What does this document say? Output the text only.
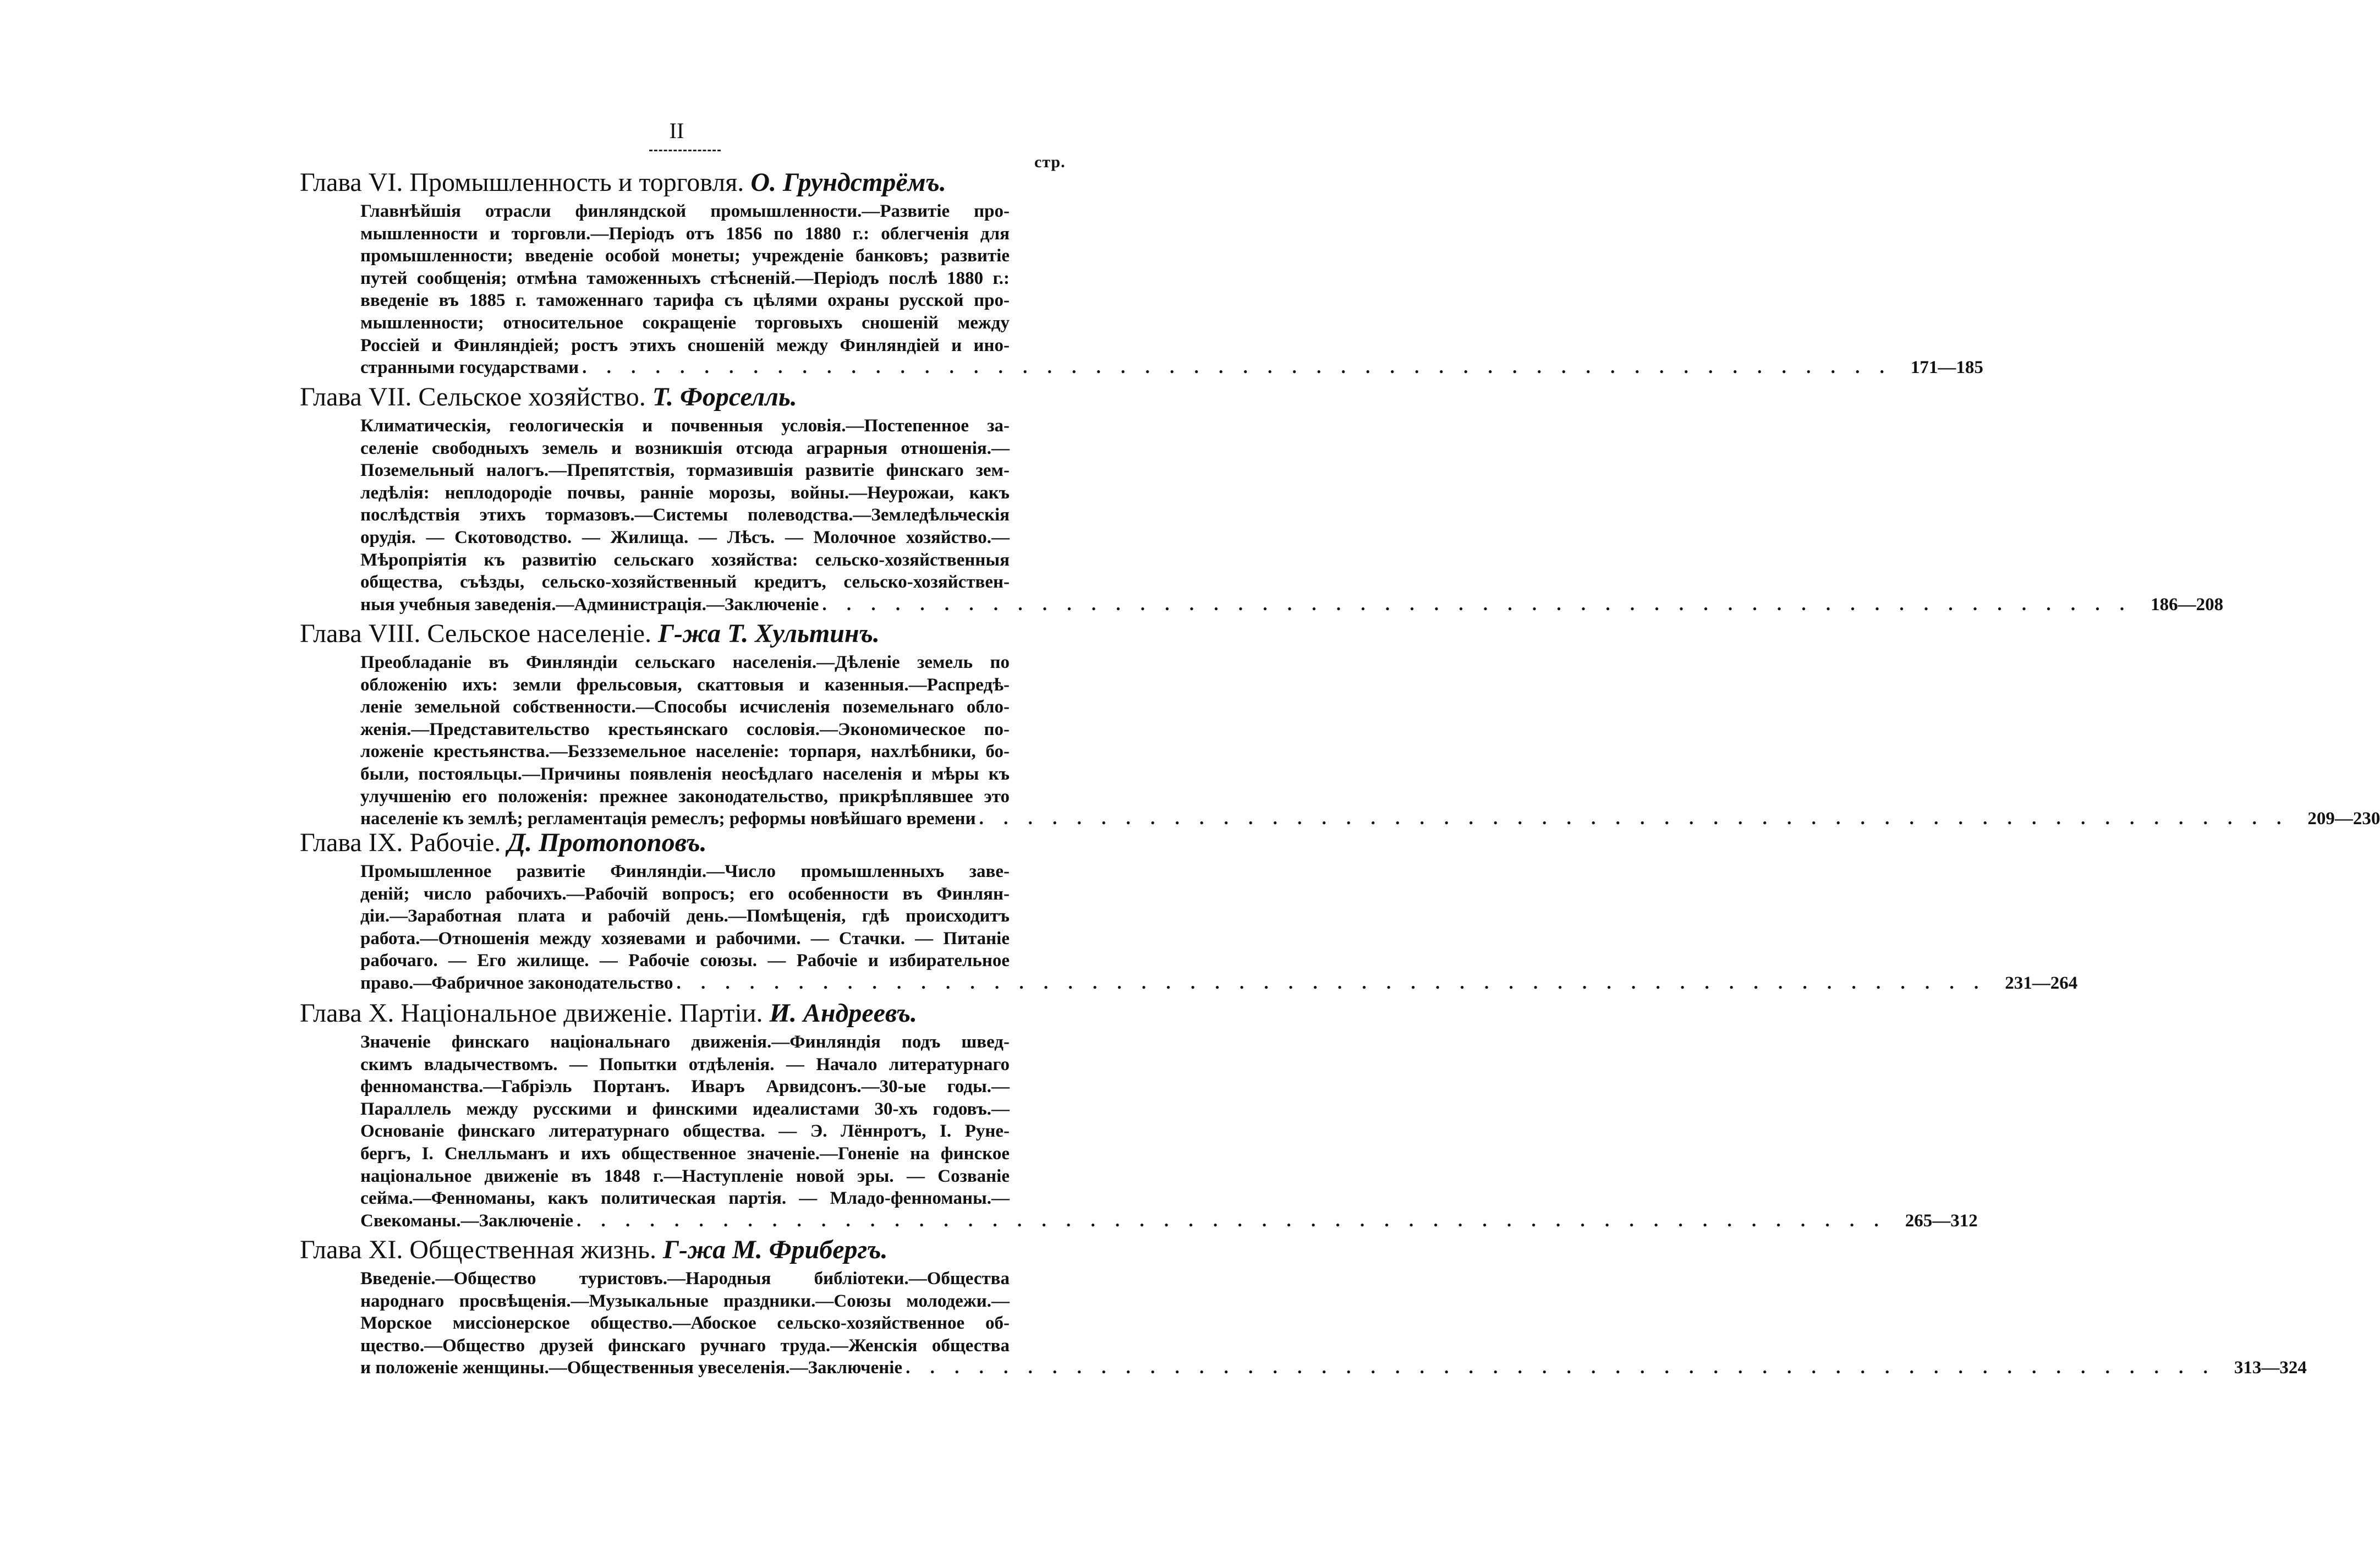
II
стр.
Глава VI. Промышленность и торговля. О. Грундстрёмъ.
Главнѣйшія отрасли финляндской промышленности.—Развитіе про-
мышленности и торговли.—Періодъ отъ 1856 по 1880 г.: облегченія для
промышленности; введеніе особой монеты; учрежденіе банковъ; развитіе
путей сообщенія; отмѣна таможенныхъ стѣсненій.—Періодъ послѣ 1880 г.:
введеніе въ 1885 г. таможеннаго тарифа съ цѣлями охраны русской про-
мышленности; относительное сокращеніе торговыхъ сношеній между
Россіей и Финляндіей; ростъ этихъ сношеній между Финляндіей и ино-
странными государствами . . . . . . . . . . . . . . . . . . . . . . . . . . . . . . . . . . . . . . . . . . . . . . . . . . . . . .	171—185
Глава VII. Сельское хозяйство. Т. Форселль.
Климатическія, геологическія и почвенныя условія.—Постепенное за-
селеніе свободныхъ земель и возникшія отсюда аграрныя отношенія.—
Поземельный налогъ.—Препятствія, тормазившія развитіе финскаго зем-
ледѣлія: неплодородіе почвы, ранніе морозы, войны.—Неурожаи, какъ
послѣдствія этихъ тормазовъ.—Системы полеводства.—Земледѣльческія
орудія. — Скотоводство. — Жилища. — Лѣсъ. — Молочное хозяйство.—
Мѣропріятія къ развитію сельскаго хозяйства: сельско-хозяйственныя
общества, съѣзды, сельско-хозяйственный кредитъ, сельско-хозяйствен-
ныя учебныя заведенія.—Администрація.—Заключеніе . . . . . . . . . . . . . . . . . . . . . . . . . . . . . . . . . . . . . . . . . . . . . . . . . . . . . .	186—208
Глава VIII. Сельское населеніе. Г-жа Т. Хультинъ.
Преобладаніе въ Финляндіи сельскаго населенія.—Дѣленіе земель по
обложенію ихъ: земли фрельсовыя, скаттовыя и казенныя.—Распредѣ-
леніе земельной собственности.—Способы исчисленія поземельнаго обло-
женія.—Представительство крестьянскаго сословія.—Экономическое по-
ложеніе крестьянства.—Беззземельное населеніе: торпаря, нахлѣбники, бо-
были, постояльцы.—Причины появленія неосѣдлаго населенія и мѣры къ
улучшенію его положенія: прежнее законодательство, прикрѣплявшее это
населеніе къ землѣ; регламентація ремеслъ; реформы новѣйшаго времени . . . . . . . . . . . . . . . . . . . . . . . . . . . . . . . . . . . . . . . . . . . . . . . . . . . . . .	209—230
Глава IX. Рабочіе. Д. Протопоповъ.
Промышленное развитіе Финляндіи.—Число промышленныхъ заве-
деній; число рабочихъ.—Рабочій вопросъ; его особенности въ Финлян-
діи.—Заработная плата и рабочій день.—Помѣщенія, гдѣ происходитъ
работа.—Отношенія между хозяевами и рабочими. — Стачки. — Питаніе
рабочаго. — Его жилище. — Рабочіе союзы. — Рабочіе и избирательное
право.—Фабричное законодательство . . . . . . . . . . . . . . . . . . . . . . . . . . . . . . . . . . . . . . . . . . . . . . . . . . . . . .	231—264
Глава X. Національное движеніе. Партіи. И. Андреевъ.
Значеніе финскаго національнаго движенія.—Финляндія подъ швед-
скимъ владычествомъ. — Попытки отдѣленія. — Начало литературнаго
феннoманства.—Габріэль Портанъ. Иваръ Арвидсонъ.—30-ые годы.—
Параллель между русскими и финскими идеалистами 30-хъ годовъ.—
Основаніе финскаго литературнаго общества. — Э. Лённротъ, І. Руне-
бергъ, І. Снелльманъ и ихъ общественное значеніе.—Гоненіе на финское
національное движеніе въ 1848 г.—Наступленіе новой эры. — Созваніе
сейма.—Фенноманы, какъ политическая партія. — Младо-фенноманы.—
Свекоманы.—Заключеніе . . . . . . . . . . . . . . . . . . . . . . . . . . . . . . . . . . . . . . . . . . . . . . . . . . . . . .	265—312
Глава XI. Общественная жизнь. Г-жа М. Фрибергъ.
Введеніе.—Общество туристовъ.—Народныя библіотеки.—Общества
народнаго просвѣщенія.—Музыкальные праздники.—Союзы молодежи.—
Морское миссіонерское общество.—Абоское сельско-хозяйственное об-
щество.—Общество друзей финскаго ручнаго труда.—Женскія общества
и положеніе женщины.—Общественныя увеселенія.—Заключеніе . . . . . . . . . . . . . . . . . . . . . . . . . . . . . . . . . . . . . . . . . . . . . . . . . . . . . .	313—324
